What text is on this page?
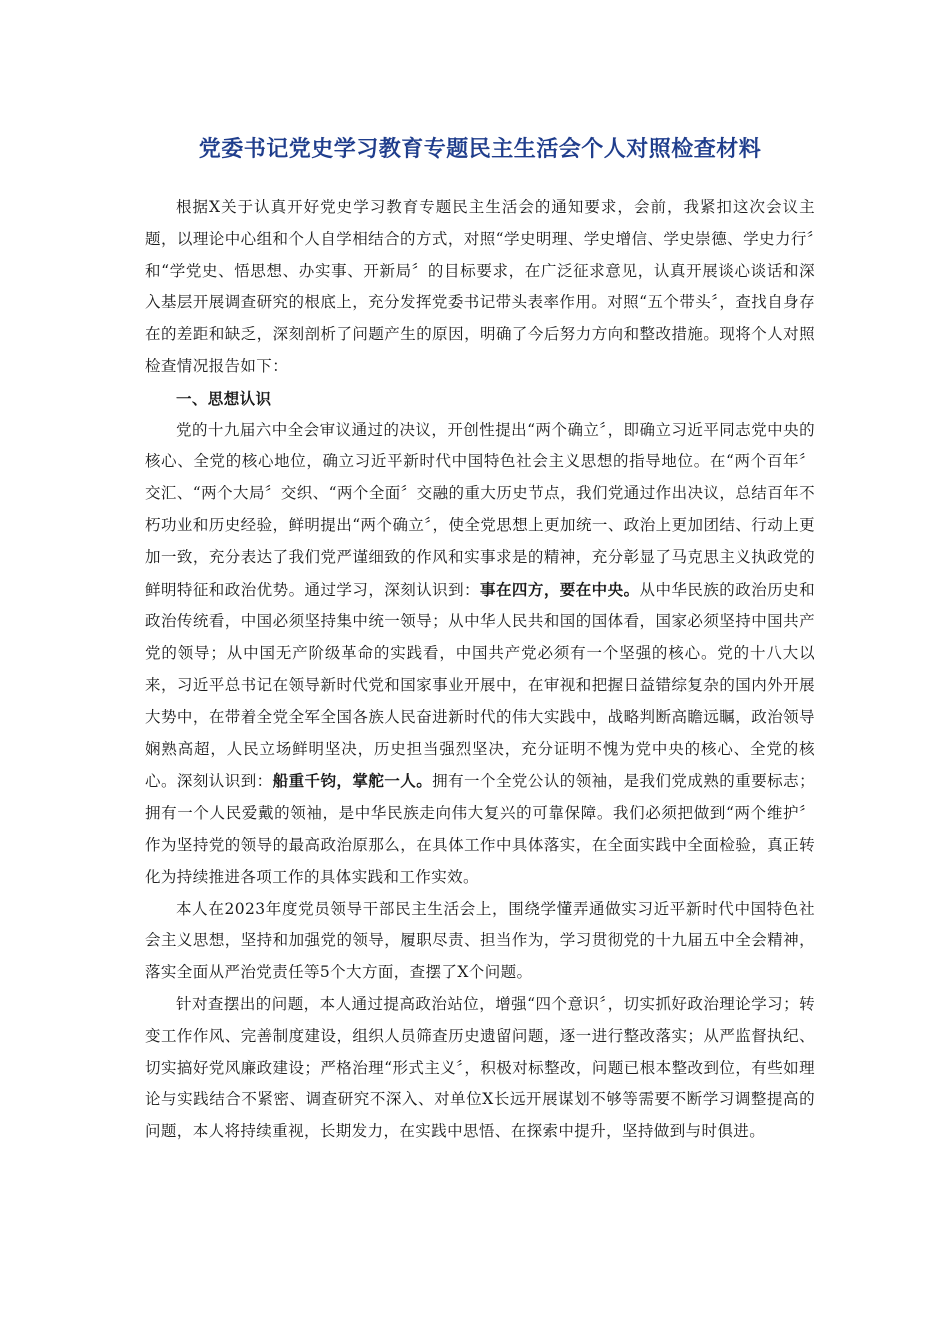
党委书记党史学习教育专题民主生活会个人对照检查材料

根据X关于认真开好党史学习教育专题民主生活会的通知要求，会前，我紧扣这次会议主题，以理论中心组和个人自学相结合的方式，对照“学史明理、学史增信、学史崇德、学史力行〞和“学党史、悟思想、办实事、开新局〞的目标要求，在广泛征求意见，认真开展谈心谈话和深入基层开展调查研究的根底上，充分发挥党委书记带头表率作用。对照“五个带头〞，查找自身存在的差距和缺乏，深刻剖析了问题产生的原因，明确了今后努力方向和整改措施。现将个人对照检查情况报告如下：

一、思想认识

党的十九届六中全会审议通过的决议，开创性提出“两个确立〞，即确立习近平同志党中央的核心、全党的核心地位，确立习近平新时代中国特色社会主义思想的指导地位。在“两个百年〞交汇、“两个大局〞交织、“两个全面〞交融的重大历史节点，我们党通过作出决议，总结百年不朽功业和历史经验，鲜明提出“两个确立〞，使全党思想上更加统一、政治上更加团结、行动上更加一致，充分表达了我们党严谨细致的作风和实事求是的精神，充分彰显了马克思主义执政党的鲜明特征和政治优势。通过学习，深刻认识到：事在四方，要在中央。从中华民族的政治历史和政治传统看，中国必须坚持集中统一领导；从中华人民共和国的国体看，国家必须坚持中国共产党的领导；从中国无产阶级革命的实践看，中国共产党必须有一个坚强的核心。党的十八大以来，习近平总书记在领导新时代党和国家事业开展中，在审视和把握日益错综复杂的国内外开展大势中，在带着全党全军全国各族人民奋进新时代的伟大实践中，战略判断高瞻远瞩，政治领导娴熟高超，人民立场鲜明坚决，历史担当强烈坚决，充分证明不愧为党中央的核心、全党的核心。深刻认识到：船重千钧，掌舵一人。拥有一个全党公认的领袖，是我们党成熟的重要标志；拥有一个人民爱戴的领袖，是中华民族走向伟大复兴的可靠保障。我们必须把做到“两个维护〞作为坚持党的领导的最高政治原那么，在具体工作中具体落实，在全面实践中全面检验，真正转化为持续推进各项工作的具体实践和工作实效。

本人在2023年度党员领导干部民主生活会上，围绕学懂弄通做实习近平新时代中国特色社会主义思想，坚持和加强党的领导，履职尽责、担当作为，学习贯彻党的十九届五中全会精神，落实全面从严治党责任等5个大方面，查摆了X个问题。

针对查摆出的问题，本人通过提高政治站位，增强“四个意识〞，切实抓好政治理论学习；转变工作作风、完善制度建设，组织人员筛查历史遗留问题，逐一进行整改落实；从严监督执纪、切实搞好党风廉政建设；严格治理“形式主义〞，积极对标整改，问题已根本整改到位，有些如理论与实践结合不紧密、调查研究不深入、对单位X长远开展谋划不够等需要不断学习调整提高的问题，本人将持续重视，长期发力，在实践中思悟、在探索中提升，坚持做到与时俱进。
